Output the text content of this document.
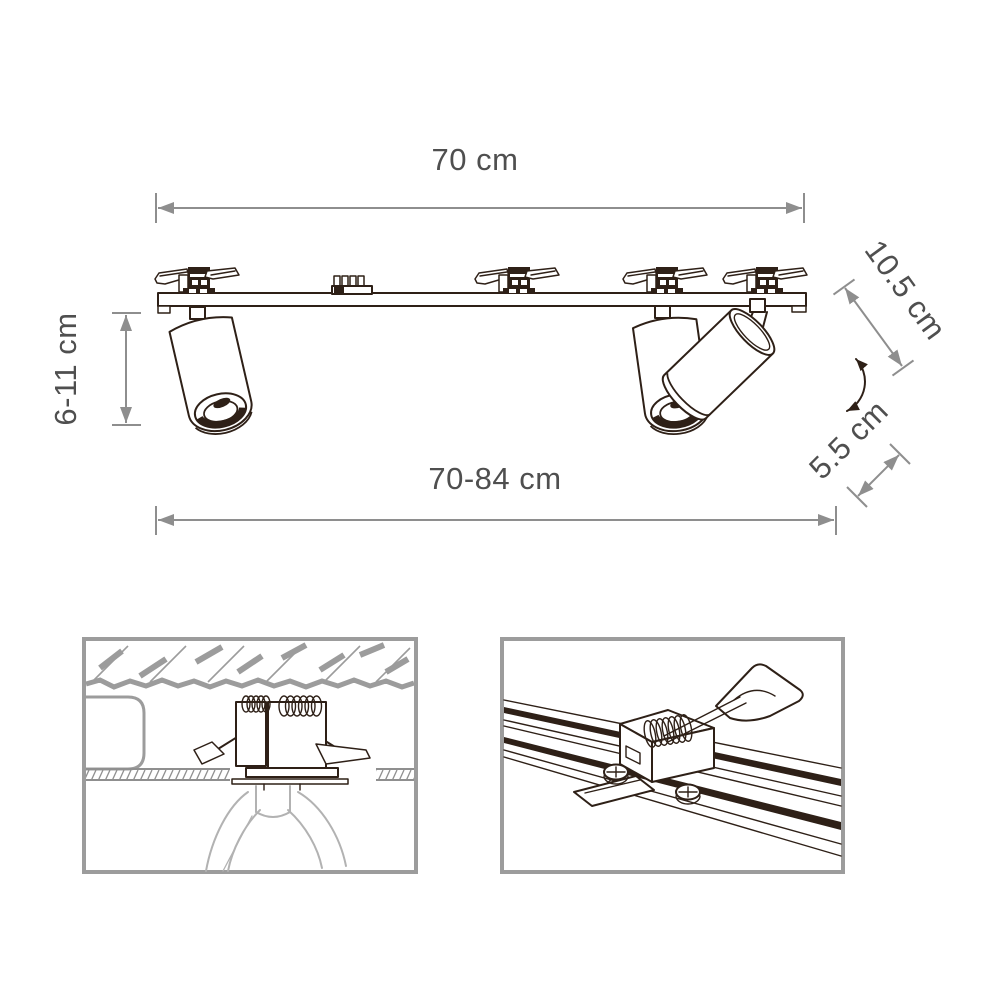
70 cm
6-11 cm
70-84 cm
10.5 cm
5.5 cm
